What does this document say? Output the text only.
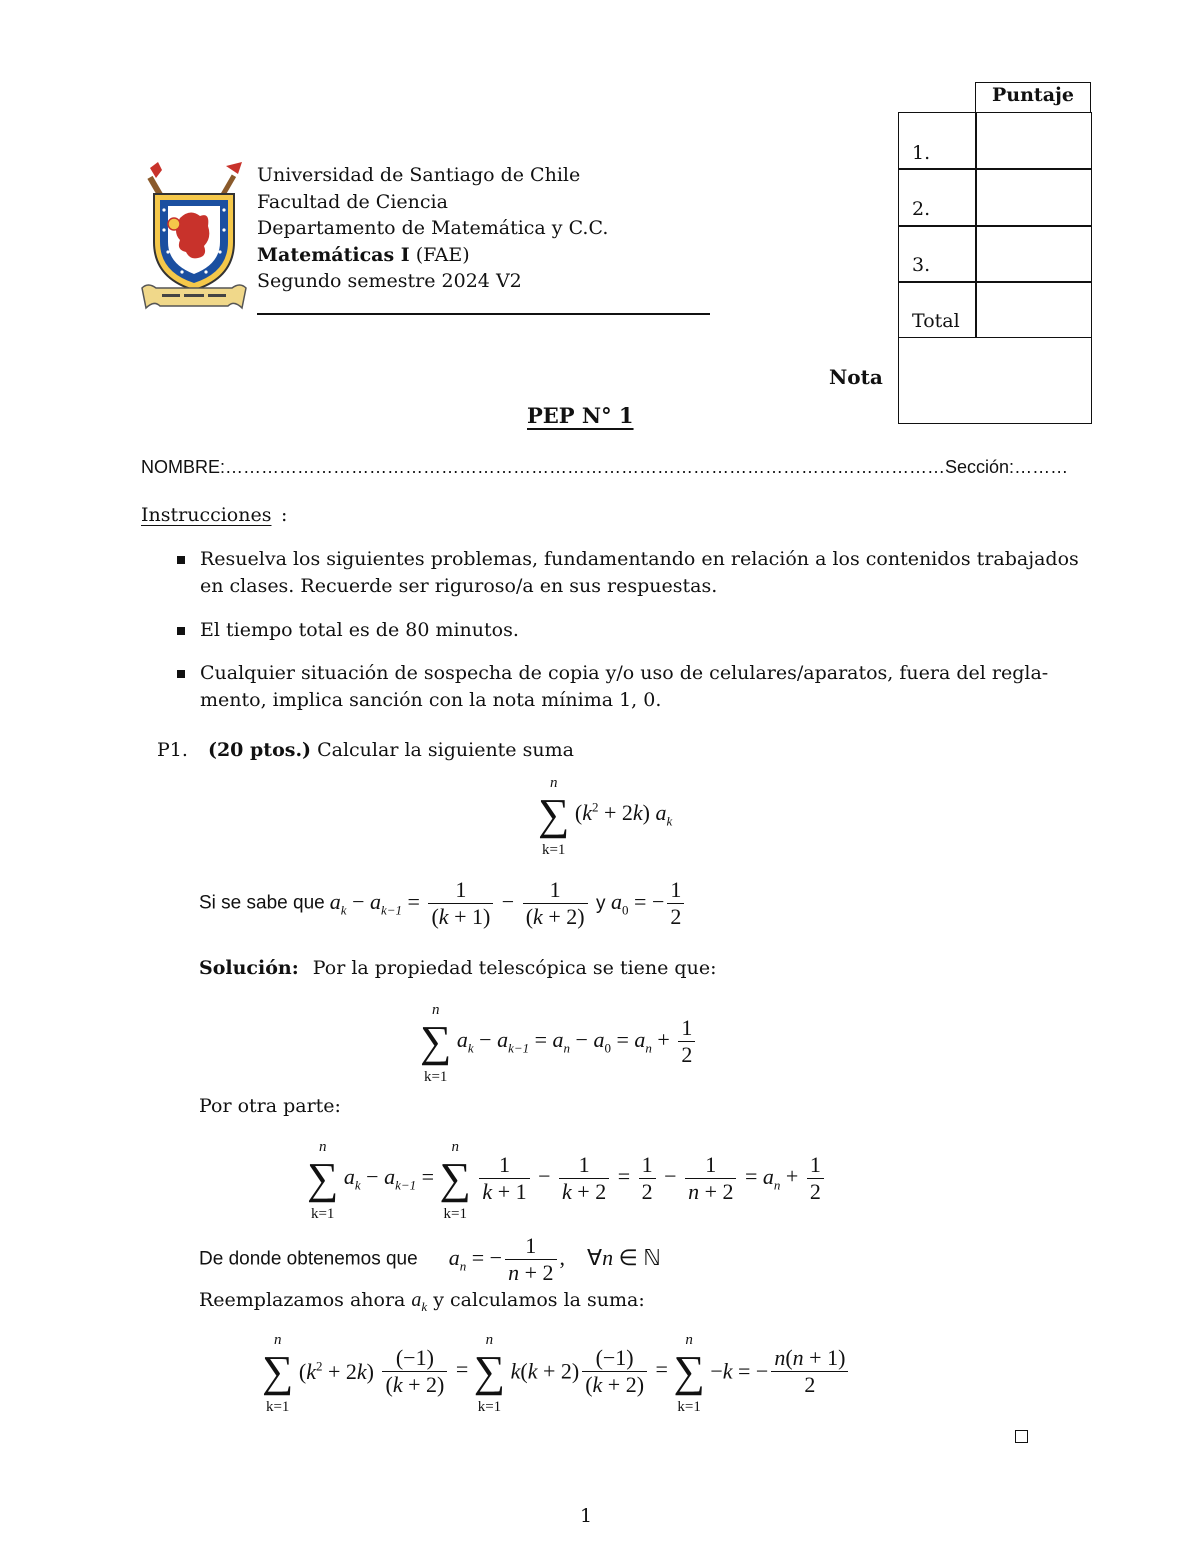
Universidad de Santiago de Chile
Facultad de Ciencia
Departamento de Matemática y C.C.
Matemáticas I (FAE)
Segundo semestre 2024 V2
Puntaje
1.
2.
3.
Total
Nota
PEP N° 1
NOMBRE:…………………………………………………………………………………………………………Sección:………
Instrucciones :
Resuelva los siguientes problemas, fundamentando en relación a los contenidos trabajados
en clases. Recuerde ser riguroso/a en sus respuestas.
El tiempo total es de 80 minutos.
Cualquier situación de sospecha de copia y/o uso de celulares/aparatos, fuera del regla-
mento, implica sanción con la nota mínima 1, 0.
P1. (20 ptos.) Calcular la siguiente suma
n
∑
k=1
$(k^2 + 2k)$ $a_k$
Si se sabe que $a_k - a_{k-1} = \frac{1}{(k + 1)} - \frac{1}{(k + 2)}$ y $a_0$ = − $\frac{1}{2}$
Solución: Por la propiedad telescópica se tiene que:
n
∑
k=1
$a_k - a_{k-1} = a_n - a_0 = a_n + \frac{1}{2}$
Por otra parte:
n
∑
k=1
$a_k - a_{k-1}$ =
n
∑
k=1

$\frac{1}{k + 1} - \frac{1}{k + 2} = \frac{1}{2} - \frac{1}{n + 2} = a_n + \frac{1}{2}$
De donde obtenemos que $a_n$ = − $\frac{1}{n + 2}$ ,    ∀n ∈ ℕ
Reemplazamos ahora $a_k$ y calculamos la suma:
n
∑
k=1
$(k^2 + 2k) \frac{(-1)}{(k + 2)}$ =
n
∑
k=1
$k(k + 2) \frac{(-1)}{(k + 2)}$ =
n
∑
k=1
−k = − $\frac{n(n + 1)}{2}$
1
